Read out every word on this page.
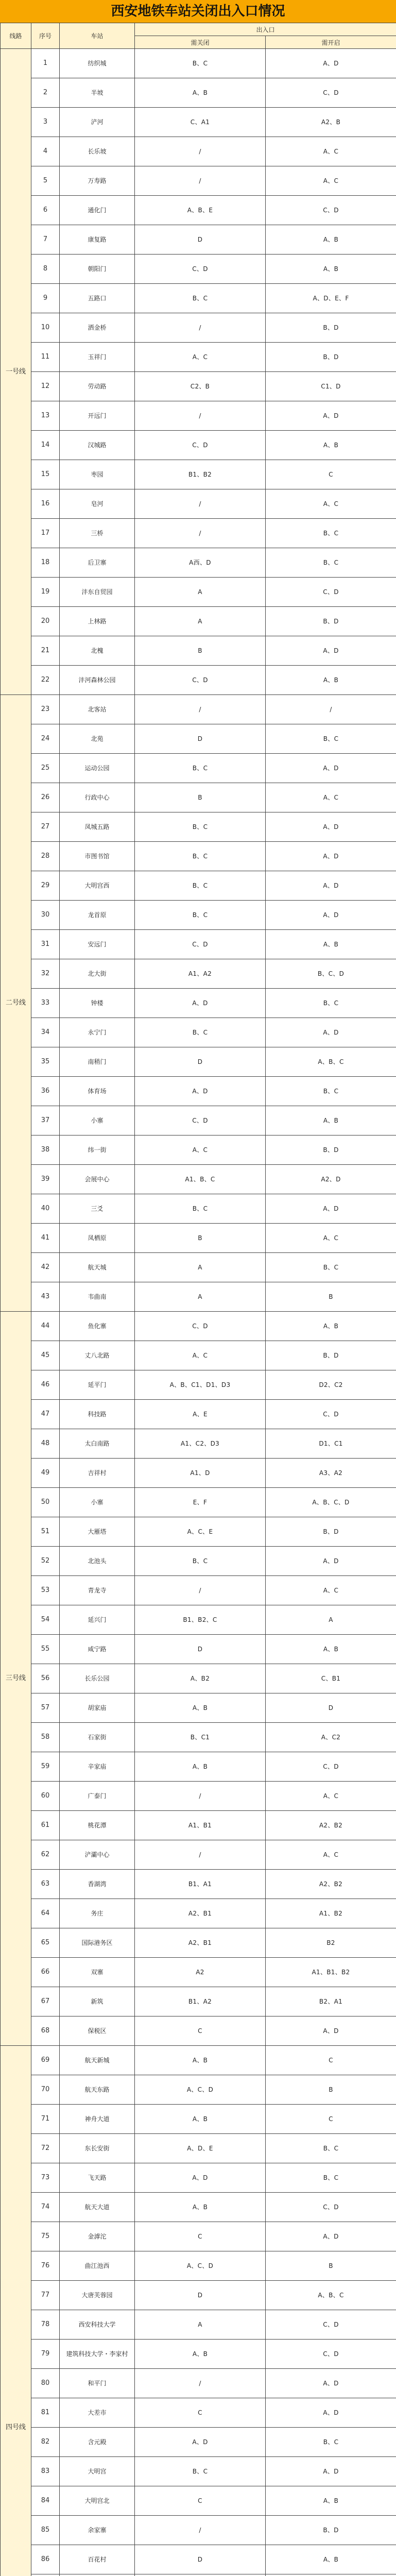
西安地铁车站关闭出入口情况
线路	序号	车站	出入口	
			需关闭	需开启
一号线	1	纺织城	B、C	A、D
	2	半坡	A、B	C、D
	3	浐河	C、A1	A2、B
	4	长乐坡	/	A、C
	5	万寿路	/	A、C
	6	通化门	A、B、E	C、D
	7	康复路	D	A、B
	8	朝阳门	C、D	A、B
	9	五路口	B、C	A、D、E、F
	10	洒金桥	/	B、D
	11	玉祥门	A、C	B、D
	12	劳动路	C2、B	C1、D
	13	开远门	/	A、D
	14	汉城路	C、D	A、B
	15	枣园	B1、B2	C
	16	皂河	/	A、C
	17	三桥	/	B、C
	18	后卫寨	A西、D	B、C
	19	沣东自贸园	A	C、D
	20	上林路	A	B、D
	21	北槐	B	A、D
	22	沣河森林公园	C、D	A、B
二号线	23	北客站	/	/
	24	北苑	D	B、C
	25	运动公园	B、C	A、D
	26	行政中心	B	A、C
	27	凤城五路	B、C	A、D
	28	市图书馆	B、C	A、D
	29	大明宫西	B、C	A、D
	30	龙首原	B、C	A、D
	31	安远门	C、D	A、B
	32	北大街	A1、A2	B、C、D
	33	钟楼	A、D	B、C
	34	永宁门	B、C	A、D
	35	南稍门	D	A、B、C
	36	体育场	A、D	B、C
	37	小寨	C、D	A、B
	38	纬一街	A、C	B、D
	39	会展中心	A1、B、C	A2、D
	40	三爻	B、C	A、D
	41	凤栖原	B	A、C
	42	航天城	A	B、C
	43	韦曲南	A	B
三号线	44	鱼化寨	C、D	A、B
	45	丈八北路	A、C	B、D
	46	延平门	A、B、C1、D1、D3	D2、C2
	47	科技路	A、E	C、D
	48	太白南路	A1、C2、D3	D1、C1
	49	吉祥村	A1、D	A3、A2
	50	小寨	E、F	A、B、C、D
	51	大雁塔	A、C、E	B、D
	52	北池头	B、C	A、D
	53	青龙寺	/	A、C
	54	延兴门	B1、B2、C	A
	55	咸宁路	D	A、B
	56	长乐公园	A、B2	C、B1
	57	胡家庙	A、B	D
	58	石家街	B、C1	A、C2
	59	辛家庙	A、B	C、D
	60	广泰门	/	A、C
	61	桃花潭	A1、B1	A2、B2
	62	浐灞中心	/	A、C
	63	香湖湾	B1、A1	A2、B2
	64	务庄	A2、B1	A1、B2
	65	国际港务区	A2、B1	B2
	66	双寨	A2	A1、B1、B2
	67	新筑	B1、A2	B2、A1
	68	保税区	C	A、D
四号线	69	航天新城	A、B	C
	70	航天东路	A、C、D	B
	71	神舟大道	A、B	C
	72	东长安街	A、D、E	B、C
	73	飞天路	A、D	B、C
	74	航天大道	A、B	C、D
	75	金滹沱	C	A、D
	76	曲江池西	A、C、D	B
	77	大唐芙蓉园	D	A、B、C
	78	西安科技大学	A	C、D
	79	建筑科技大学・李家村	A、B	C、D
	80	和平门	/	A、D
	81	大差市	C	A、D
	82	含元殿	A、D	B、C
	83	大明宫	B、C	A、D
	84	大明宫北	C	A、B
	85	余家寨	/	B、D
	86	百花村	D	A、B
